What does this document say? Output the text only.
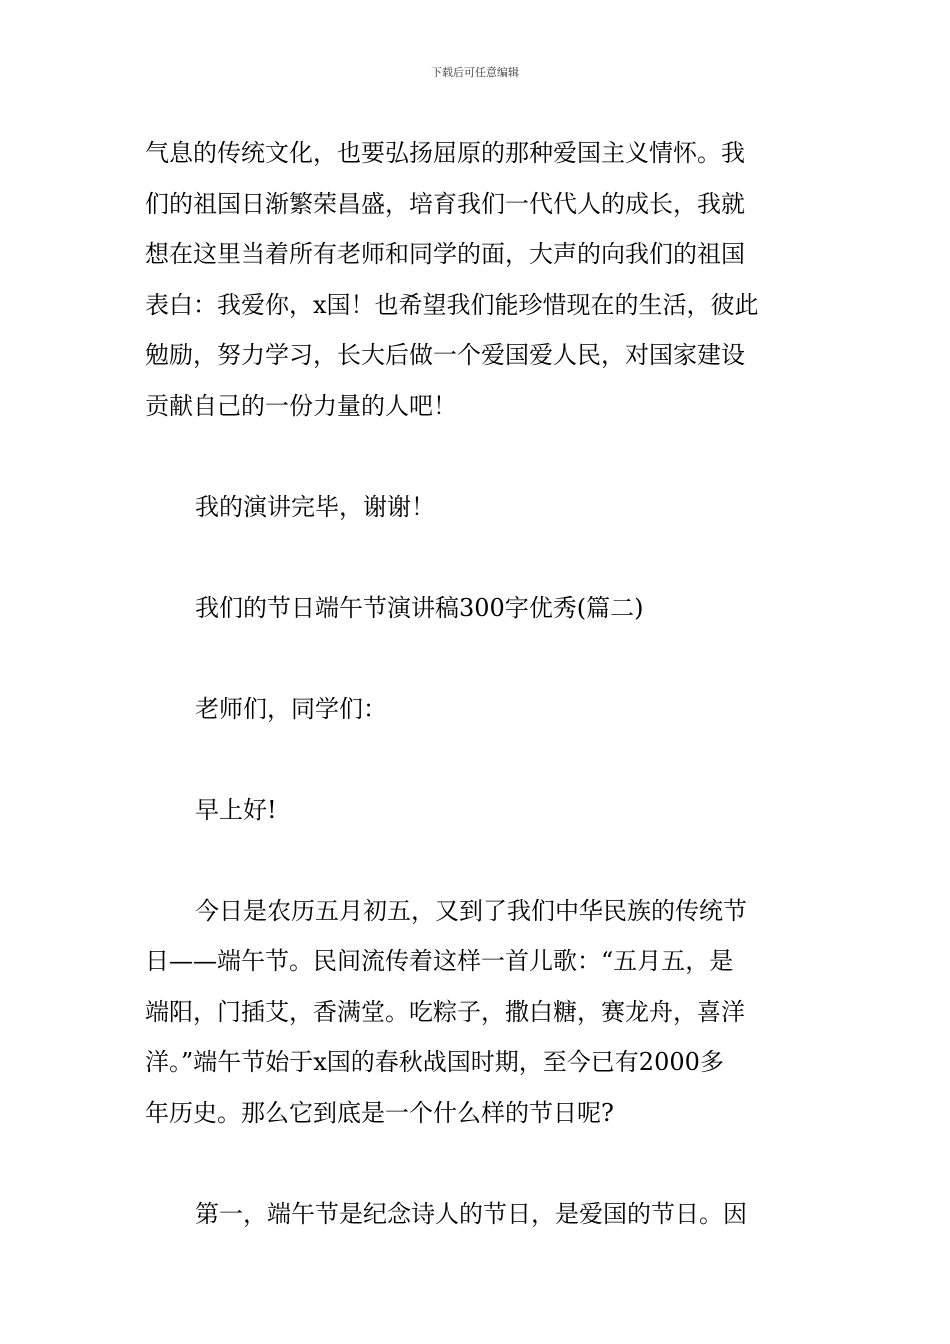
下载后可任意编辑
气息的传统文化，也要弘扬屈原的那种爱国主义情怀。我
们的祖国日渐繁荣昌盛，培育我们一代代人的成长，我就
想在这里当着所有老师和同学的面，大声的向我们的祖国
表白：我爱你，x国！也希望我们能珍惜现在的生活，彼此
勉励，努力学习，长大后做一个爱国爱人民，对国家建设
贡献自己的一份力量的人吧！
我的演讲完毕，谢谢！
我们的节日端午节演讲稿300字优秀(篇二)
老师们，同学们：
早上好!
今日是农历五月初五，又到了我们中华民族的传统节
日——端午节。民间流传着这样一首儿歌：“五月五，是
端阳，门插艾，香满堂。吃粽子，撒白糖，赛龙舟，喜洋
洋。”端午节始于x国的春秋战国时期，至今已有2000多
年历史。那么它到底是一个什么样的节日呢?
第一，端午节是纪念诗人的节日，是爱国的节日。因
